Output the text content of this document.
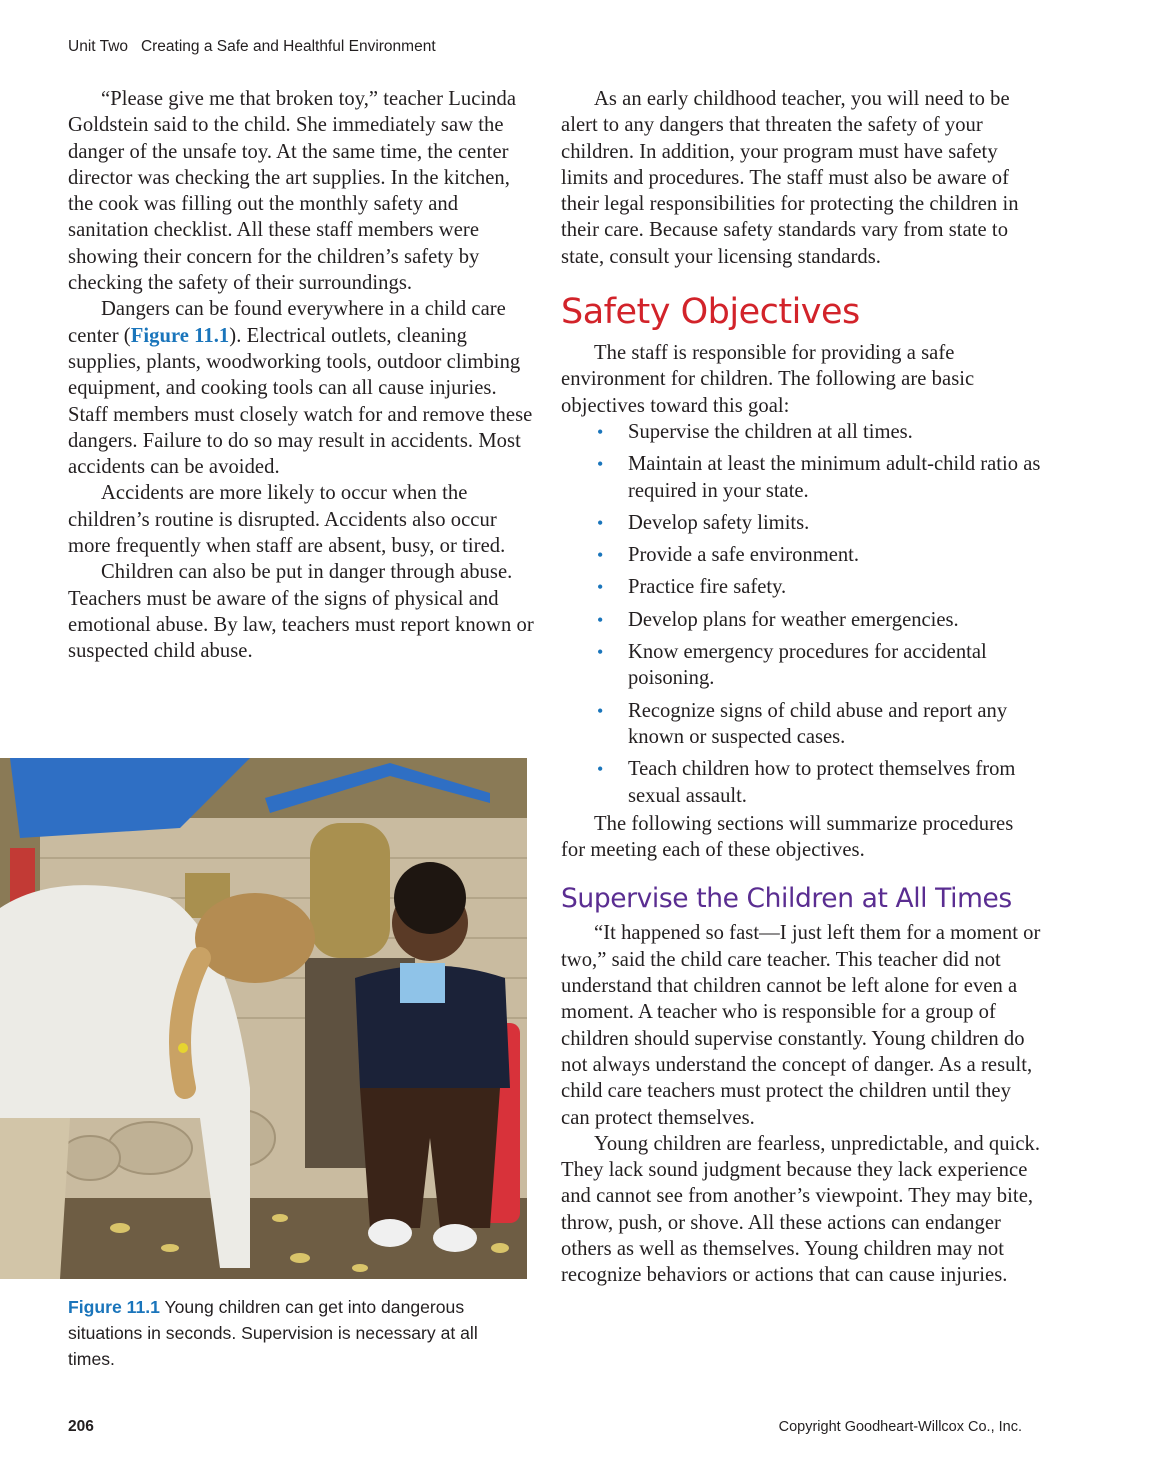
Unit Two Creating a Safe and Healthful Environment

“Please give me that broken toy,” teacher Lucinda Goldstein said to the child. She immediately saw the danger of the unsafe toy. At the same time, the center director was checking the art supplies. In the kitchen, the cook was filling out the monthly safety and sanitation checklist. All these staff members were showing their concern for the children’s safety by checking the safety of their surroundings.

Dangers can be found everywhere in a child care center (Figure 11.1). Electrical outlets, cleaning supplies, plants, woodworking tools, outdoor climbing equipment, and cooking tools can all cause injuries. Staff members must closely watch for and remove these dangers. Failure to do so may result in accidents. Most accidents can be avoided.

Accidents are more likely to occur when the children’s routine is disrupted. Accidents also occur more frequently when staff are absent, busy, or tired.

Children can also be put in danger through abuse. Teachers must be aware of the signs of physical and emotional abuse. By law, teachers must report known or suspected child abuse.

Figure 11.1 Young children can get into dangerous situations in seconds. Supervision is necessary at all times.

As an early childhood teacher, you will need to be alert to any dangers that threaten the safety of your children. In addition, your program must have safety limits and procedures. The staff must also be aware of their legal responsibilities for protecting the children in their care. Because safety standards vary from state to state, consult your licensing standards.

Safety Objectives

The staff is responsible for providing a safe environment for children. The following are basic objectives toward this goal:

• Supervise the children at all times.
• Maintain at least the minimum adult-child ratio as required in your state.
• Develop safety limits.
• Provide a safe environment.
• Practice fire safety.
• Develop plans for weather emergencies.
• Know emergency procedures for accidental poisoning.
• Recognize signs of child abuse and report any known or suspected cases.
• Teach children how to protect themselves from sexual assault.

The following sections will summarize procedures for meeting each of these objectives.

Supervise the Children at All Times

“It happened so fast—I just left them for a moment or two,” said the child care teacher. This teacher did not understand that children cannot be left alone for even a moment. A teacher who is responsible for a group of children should supervise constantly. Young children do not always understand the concept of danger. As a result, child care teachers must protect the children until they can protect themselves.

Young children are fearless, unpredictable, and quick. They lack sound judgment because they lack experience and cannot see from another’s viewpoint. They may bite, throw, push, or shove. All these actions can endanger others as well as themselves. Young children may not recognize behaviors or actions that can cause injuries.

206	Copyright Goodheart-Willcox Co., Inc.
